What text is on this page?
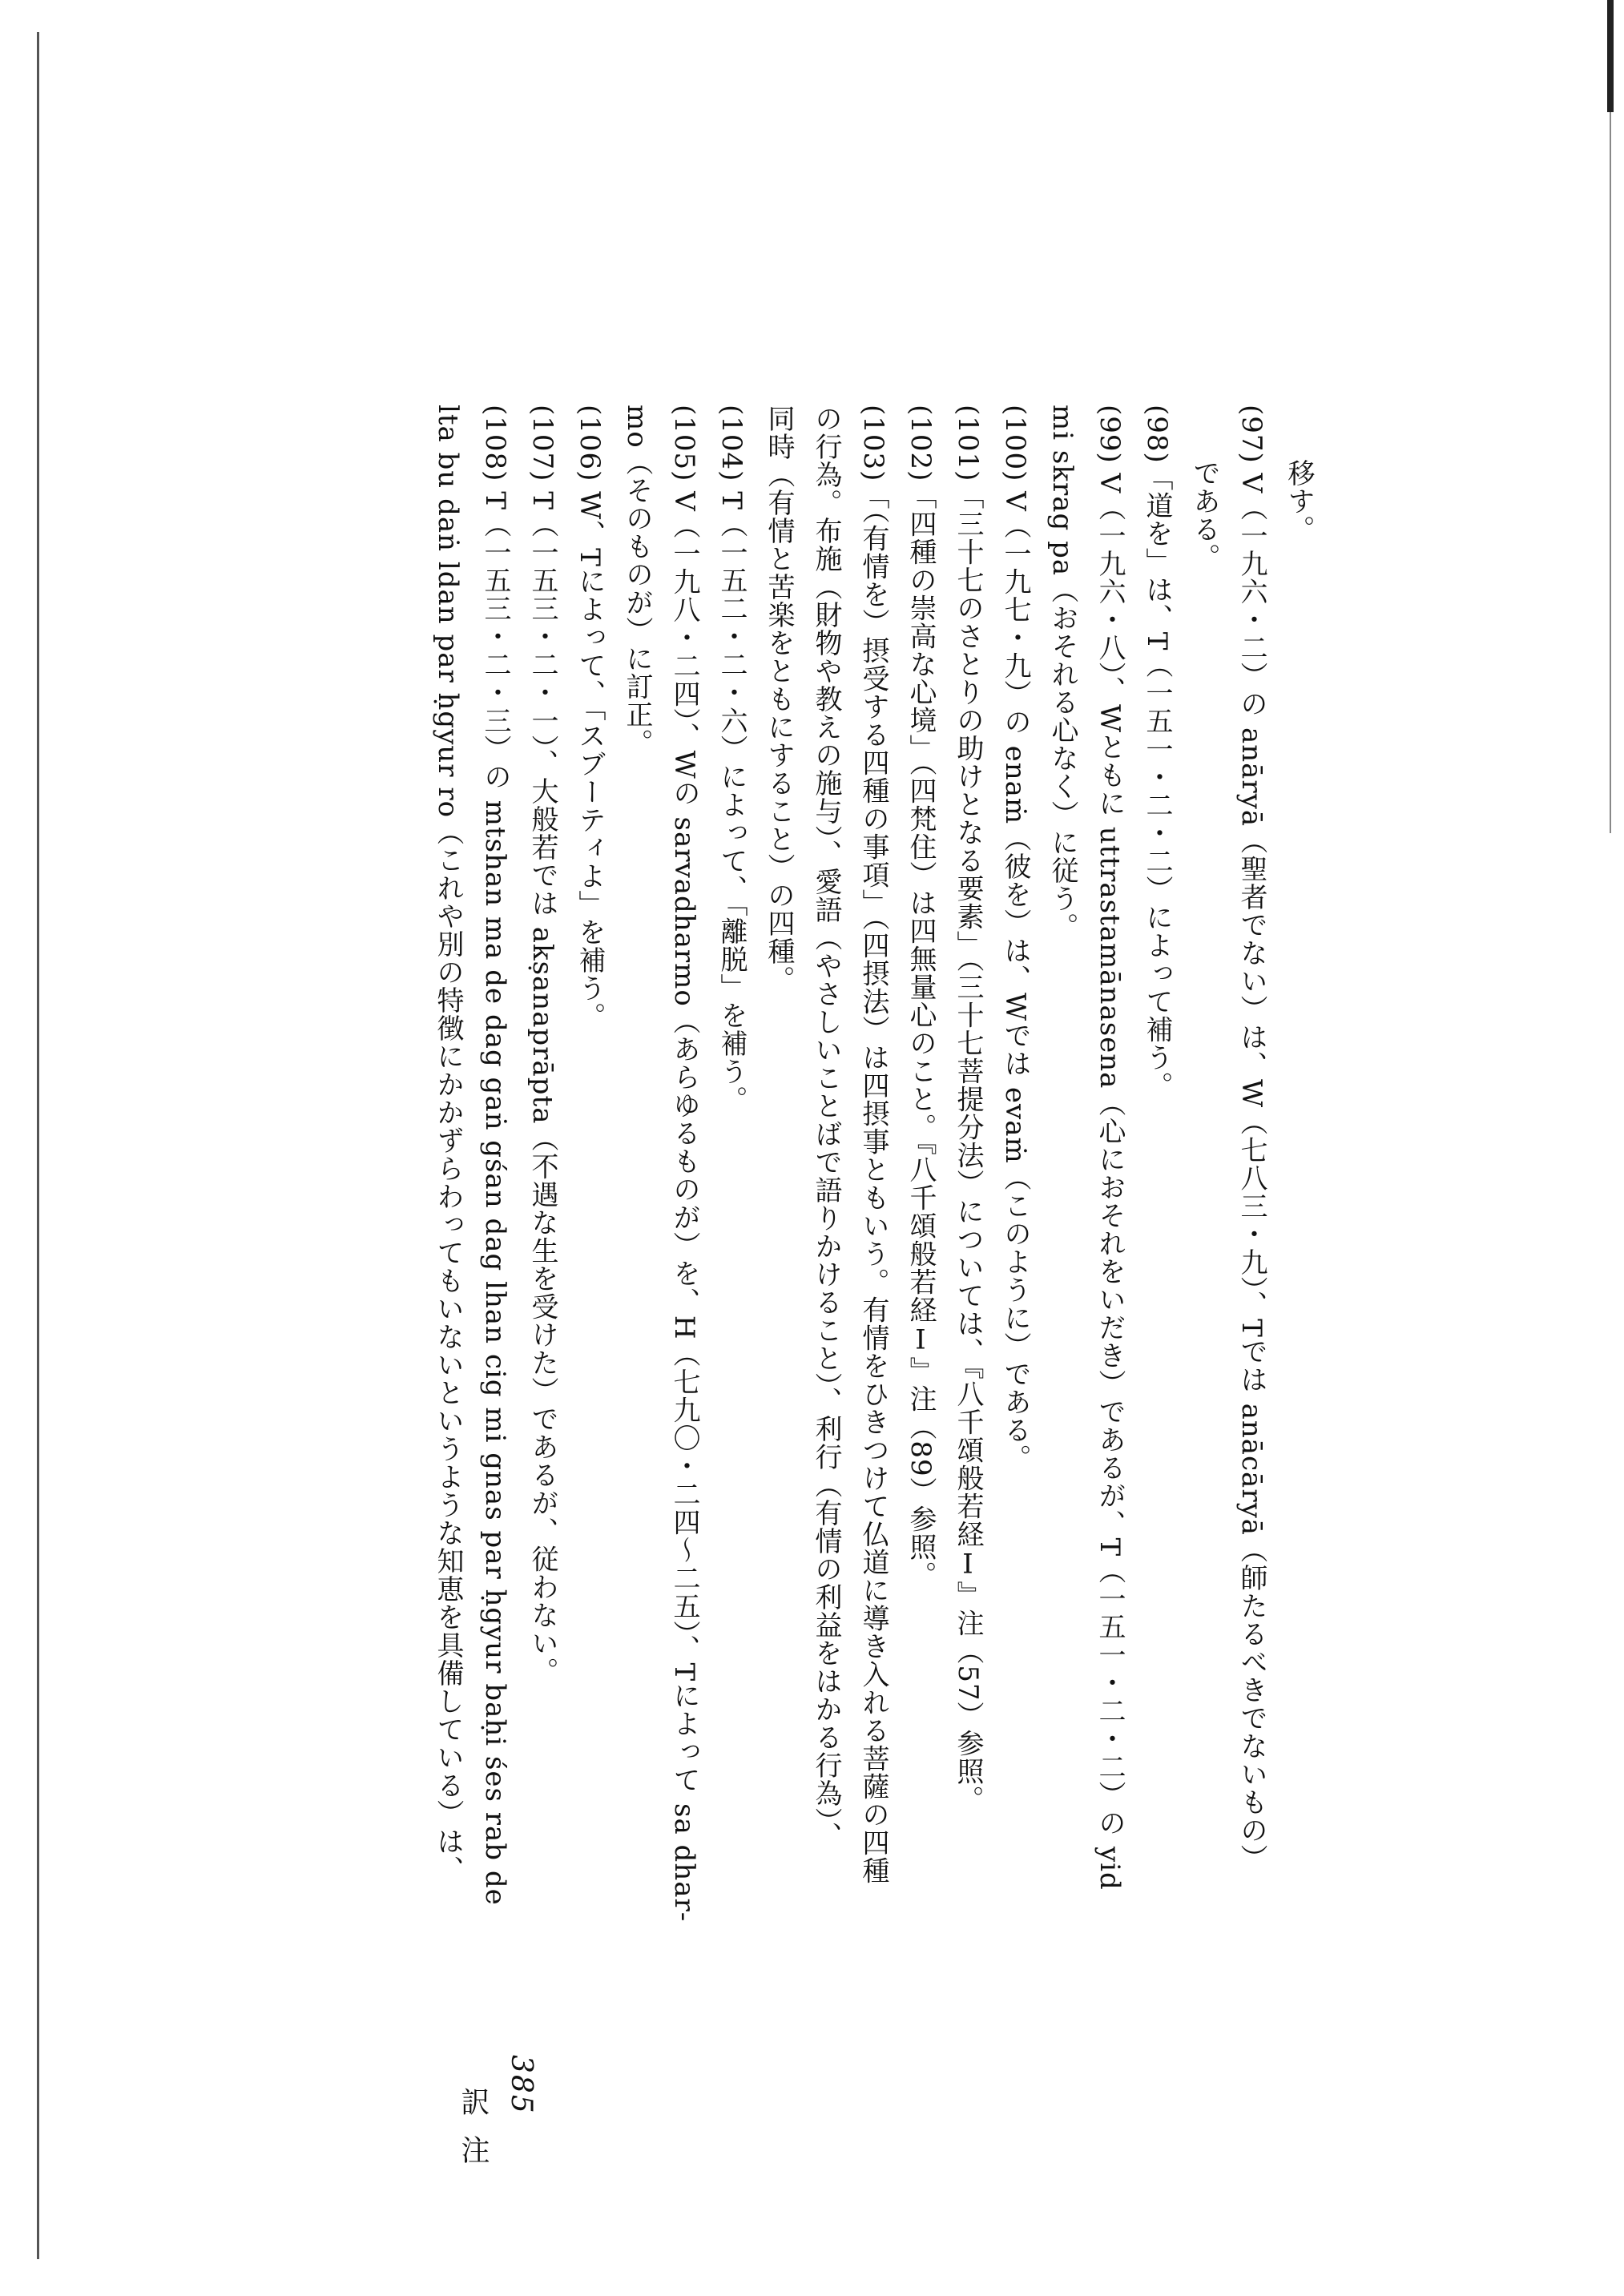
移す。
(97) V（一九六・二）の anāryā（聖者でない）は、W（七八三・九）、Tでは anācāryā（師たるべきでないもの）
である。
(98)「道を」は、T（一五一・二・二）によって補う。
(99) V（一九六・八）、Wともに uttrastamānasena（心におそれをいだき）であるが、T（一五一・二・二）の yid
mi skrag pa（おそれる心なく）に従う。
(100) V（一九七・九）の enaṁ（彼を）は、Wでは evaṁ（このように）である。
(101)「三十七のさとりの助けとなる要素」（三十七菩提分法）については、『八千頌般若経Ⅰ』注（57）参照。
(102)「四種の崇高な心境」（四梵住）は四無量心のこと。『八千頌般若経Ⅰ』注（89）参照。
(103)「（有情を）摂受する四種の事項」（四摂法）は四摂事ともいう。有情をひきつけて仏道に導き入れる菩薩の四種
の行為。布施（財物や教えの施与）、愛語（やさしいことばで語りかけること）、利行（有情の利益をはかる行為）、
同時（有情と苦楽をともにすること）の四種。
(104) T（一五二・二・六）によって、「離脱」を補う。
(105) V（一九八・二四）、Wの sarvadharmo（あらゆるものが）を、H（七九〇・二四〜二五）、Tによって sa dhar-
mo（そのものが）に訂正。
(106) W、Tによって、「スブーティよ」を補う。
(107) T（一五三・二・一）、大般若では akṣanaprāpta（不遇な生を受けた）であるが、従わない。
(108) T（一五三・二・三）の mtshan ma de dag gaṅ gśan dag lhan cig mi gnas par ḥgyur baḥi śes rab de
lta bu daṅ ldan par ḥgyur ro（これや別の特徴にかかずらわってもいないというような知恵を具備している）は、
385
訳注
